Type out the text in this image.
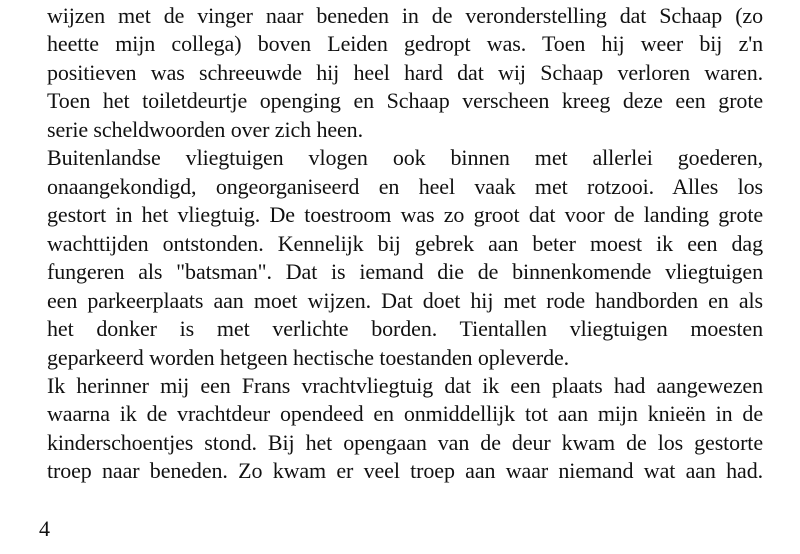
wijzen met de vinger naar beneden in de veronderstelling dat Schaap (zo
heette mijn collega) boven Leiden gedropt was. Toen hij weer bij z'n
positieven was schreeuwde hij heel hard dat wij Schaap verloren waren.
Toen het toiletdeurtje openging en Schaap verscheen kreeg deze een grote
serie scheldwoorden over zich heen.
Buitenlandse vliegtuigen vlogen ook binnen met allerlei goederen,
onaangekondigd, ongeorganiseerd en heel vaak met rotzooi. Alles los
gestort in het vliegtuig. De toestroom was zo groot dat voor de landing grote
wachttijden ontstonden. Kennelijk bij gebrek aan beter moest ik een dag
fungeren als "batsman". Dat is iemand die de binnenkomende vliegtuigen
een parkeerplaats aan moet wijzen. Dat doet hij met rode handborden en als
het donker is met verlichte borden. Tientallen vliegtuigen moesten
geparkeerd worden hetgeen hectische toestanden opleverde.
Ik herinner mij een Frans vrachtvliegtuig dat ik een plaats had aangewezen
waarna ik de vrachtdeur opendeed en onmiddellijk tot aan mijn knieën in de
kinderschoentjes stond. Bij het opengaan van de deur kwam de los gestorte
troep naar beneden. Zo kwam er veel troep aan waar niemand wat aan had.
4
